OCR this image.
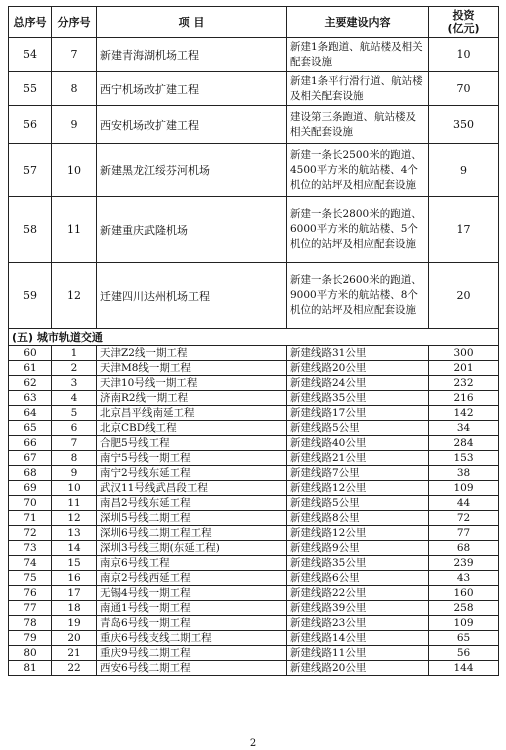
总序号	分序号	项 目	主要建设内容	投资
(亿元)
54	7	新建青海湖机场工程	新建1条跑道、航站楼及相关配套设施	10
55	8	西宁机场改扩建工程	新建1条平行滑行道、航站楼及相关配套设施	70
56	9	西安机场改扩建工程	建设第三条跑道、航站楼及相关配套设施	350
57	10	新建黑龙江绥芬河机场	新建一条长2500米的跑道、4500平方米的航站楼、4个机位的站坪及相应配套设施	9
58	11	新建重庆武隆机场	新建一条长2800米的跑道、6000平方米的航站楼、5个机位的站坪及相应配套设施	17
59	12	迁建四川达州机场工程	新建一条长2600米的跑道、9000平方米的航站楼、8个机位的站坪及相应配套设施	20
(五) 城市轨道交通				
60	1	天津Z2线一期工程	新建线路31公里	300
61	2	天津M8线一期工程	新建线路20公里	201
62	3	天津10号线一期工程	新建线路24公里	232
63	4	济南R2线一期工程	新建线路35公里	216
64	5	北京昌平线南延工程	新建线路17公里	142
65	6	北京CBD线工程	新建线路5公里	34
66	7	合肥5号线工程	新建线路40公里	284
67	8	南宁5号线一期工程	新建线路21公里	153
68	9	南宁2号线东延工程	新建线路7公里	38
69	10	武汉11号线武昌段工程	新建线路12公里	109
70	11	南昌2号线东延工程	新建线路5公里	44
71	12	深圳5号线二期工程	新建线路8公里	72
72	13	深圳6号线二期工程工程	新建线路12公里	77
73	14	深圳3号线三期(东延工程)	新建线路9公里	68
74	15	南京6号线工程	新建线路35公里	239
75	16	南京2号线西延工程	新建线路6公里	43
76	17	无锡4号线一期工程	新建线路22公里	160
77	18	南通1号线一期工程	新建线路39公里	258
78	19	青岛6号线一期工程	新建线路23公里	109
79	20	重庆6号线支线二期工程	新建线路14公里	65
80	21	重庆9号线二期工程	新建线路11公里	56
81	22	西安6号线二期工程	新建线路20公里	144
2
